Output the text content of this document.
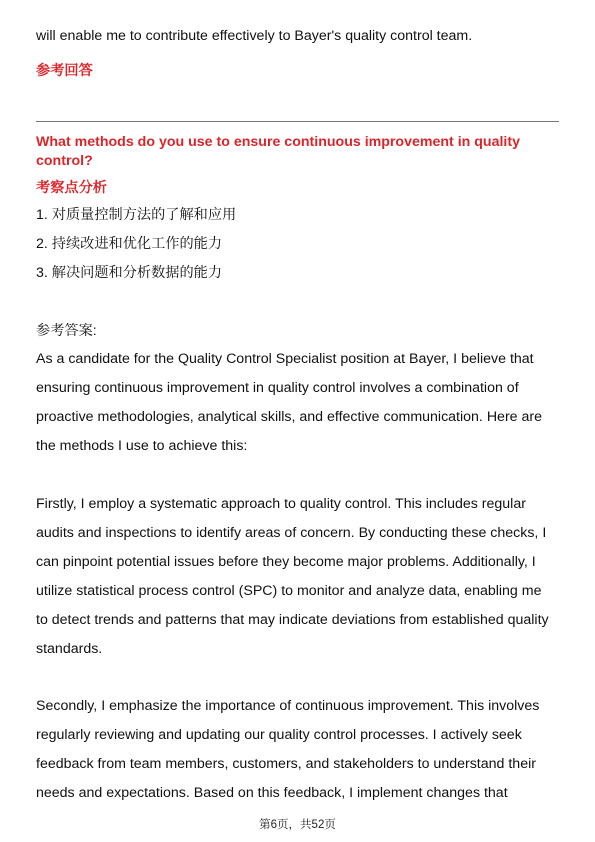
will enable me to contribute effectively to Bayer's quality control team.
参考回答
What methods do you use to ensure continuous improvement in quality
control?
考察点分析
1. 对质量控制方法的了解和应用
2. 持续改进和优化工作的能力
3. 解决问题和分析数据的能力
参考答案:
As a candidate for the Quality Control Specialist position at Bayer, I believe that
ensuring continuous improvement in quality control involves a combination of
proactive methodologies, analytical skills, and effective communication. Here are
the methods I use to achieve this:
Firstly, I employ a systematic approach to quality control. This includes regular
audits and inspections to identify areas of concern. By conducting these checks, I
can pinpoint potential issues before they become major problems. Additionally, I
utilize statistical process control (SPC) to monitor and analyze data, enabling me
to detect trends and patterns that may indicate deviations from established quality
standards.
Secondly, I emphasize the importance of continuous improvement. This involves
regularly reviewing and updating our quality control processes. I actively seek
feedback from team members, customers, and stakeholders to understand their
needs and expectations. Based on this feedback, I implement changes that
第6页，共52页
